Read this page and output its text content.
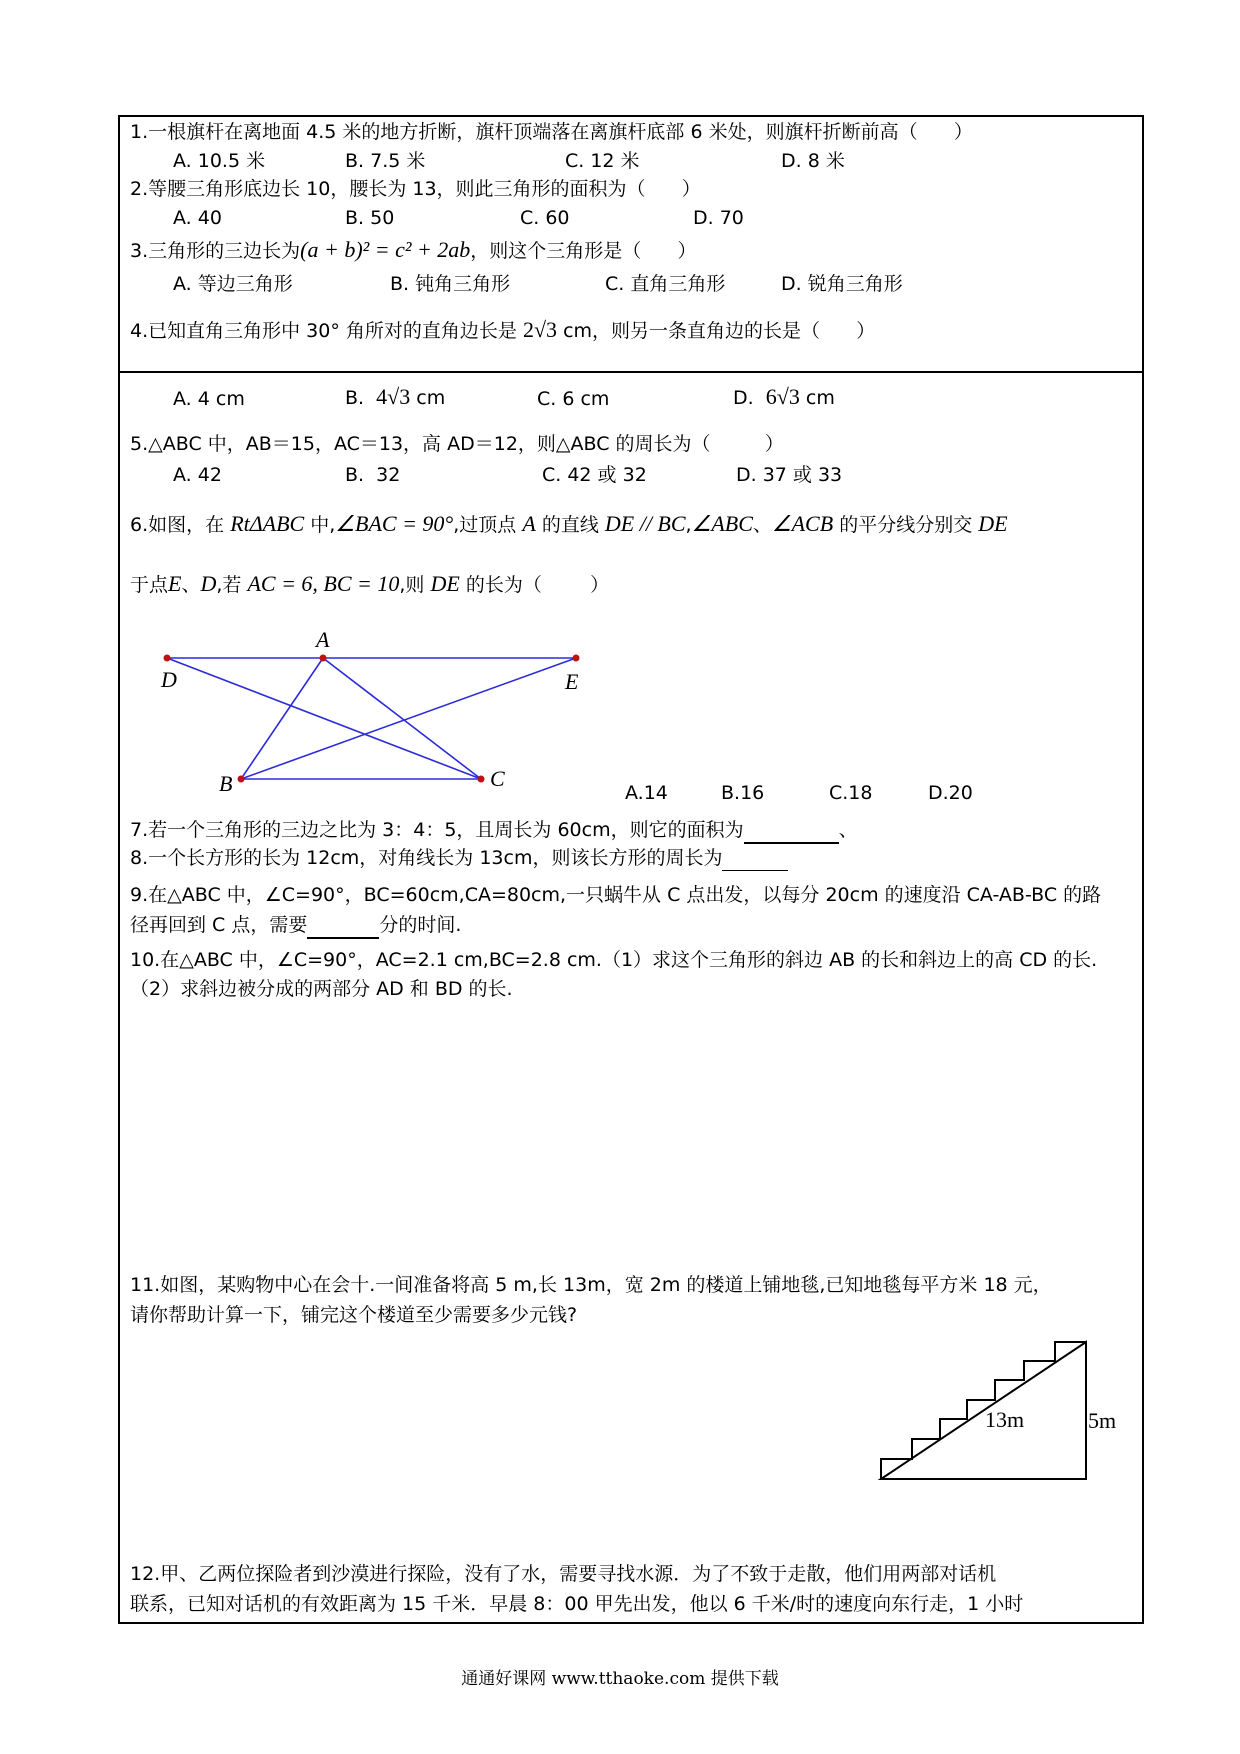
1.一根旗杆在离地面 4.5 米的地方折断，旗杆顶端落在离旗杆底部 6 米处，则旗杆折断前高（      ）
A. 10.5 米	B. 7.5 米	C. 12 米	D. 8 米
2.等腰三角形底边长 10，腰长为 13，则此三角形的面积为（      ）
A. 40	B. 50	C. 60	D. 70
3.三角形的三边长为(a + b)² = c² + 2ab，则这个三角形是（      ）
A. 等边三角形	B. 钝角三角形	C. 直角三角形	D. 锐角三角形
4.已知直角三角形中 30° 角所对的直角边长是 2√3 cm，则另一条直角边的长是（      ）
A. 4 cm	B. 4√3 cm	C. 6 cm	D. 6√3 cm
5.△ABC 中，AB＝15，AC＝13，高 AD＝12，则△ABC 的周长为（         ）
A. 42	B.  32	C. 42 或 32	D. 37 或 33
6.如图，在 RtΔABC 中,∠BAC = 90°,过顶点 A 的直线 DE // BC,∠ABC、∠ACB 的平分线分别交 DE
于点E、D,若 AC = 6, BC = 10,则 DE 的长为（        ）
A
D	E
B	C
A.14	B.16	C.18	D.20
7.若一个三角形的三边之比为 3：4：5，且周长为 60cm，则它的面积为	、
8.一个长方形的长为 12cm，对角线长为 13cm，则该长方形的周长为
9.在△ABC 中，∠C=90°，BC=60cm,CA=80cm,一只蜗牛从 C 点出发，以每分 20cm 的速度沿 CA-AB-BC 的路
径再回到 C 点，需要	分的时间.
10.在△ABC 中，∠C=90°，AC=2.1 cm,BC=2.8 cm.（1）求这个三角形的斜边 AB 的长和斜边上的高 CD 的长.
（2）求斜边被分成的两部分 AD 和 BD 的长.
11.如图，某购物中心在会十.一间准备将高 5 m,长 13m，宽 2m 的楼道上铺地毯,已知地毯每平方米 18 元，
请你帮助计算一下，铺完这个楼道至少需要多少元钱?
13m	5m
12.甲、乙两位探险者到沙漠进行探险，没有了水，需要寻找水源．为了不致于走散，他们用两部对话机
联系，已知对话机的有效距离为 15 千米．早晨 8：00 甲先出发，他以 6 千米/时的速度向东行走，1 小时
通通好课网 www.tthaoke.com 提供下载
